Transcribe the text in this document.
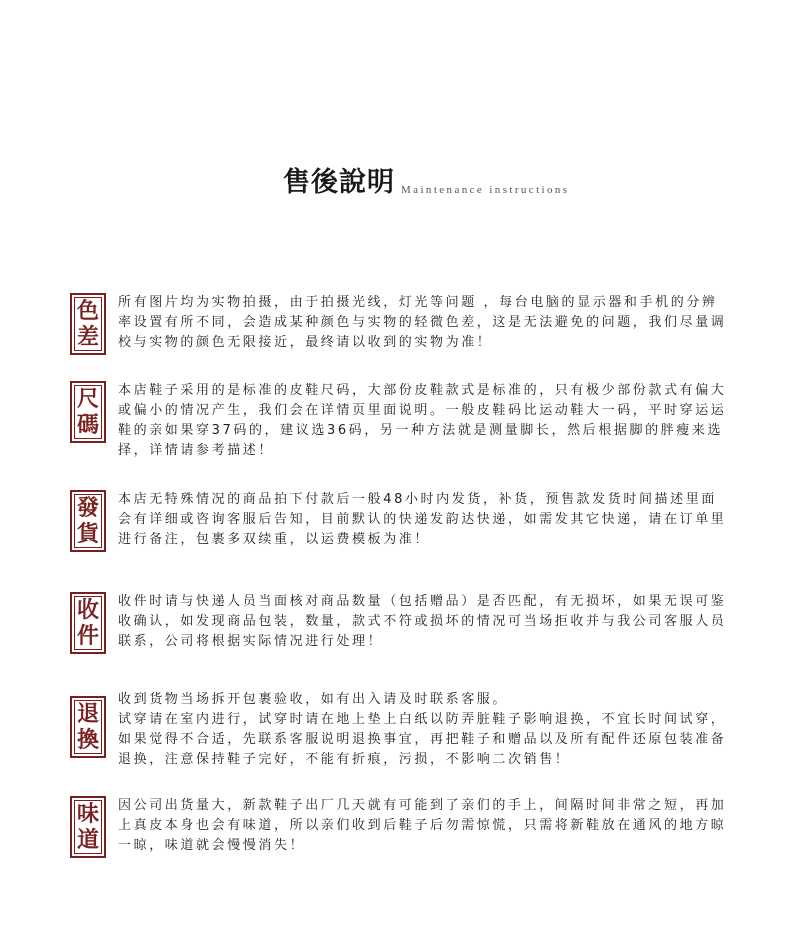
售後說明 Maintenance instructions
色
差

所有图片均为实物拍摄，由于拍摄光线，灯光等问题 ，每台电脑的显示器和手机的分辨率设置有所不同，会造成某种颜色与实物的轻微色差，这是无法避免的问题，我们尽量调校与实物的颜色无限接近，最终请以收到的实物为准！

尺
碼

本店鞋子采用的是标准的皮鞋尺码，大部份皮鞋款式是标准的，只有极少部份款式有偏大或偏小的情况产生，我们会在详情页里面说明。一般皮鞋码比运动鞋大一码，平时穿运运鞋的亲如果穿37码的，建议选36码，另一种方法就是测量脚长，然后根据脚的胖瘦来选择，详情请参考描述！

發
貨

本店无特殊情况的商品拍下付款后一般48小时内发货，补货，预售款发货时间描述里面会有详细或咨询客服后告知，目前默认的快递发韵达快递，如需发其它快递，请在订单里进行备注，包裹多双续重，以运费模板为准！

收
件

收件时请与快递人员当面核对商品数量（包括赠品）是否匹配，有无损坏，如果无误可鉴收确认，如发现商品包装，数量，款式不符或损坏的情况可当场拒收并与我公司客服人员联系，公司将根据实际情况进行处理！

退
換

收到货物当场拆开包裹验收，如有出入请及时联系客服。

试穿请在室内进行，试穿时请在地上垫上白纸以防弄脏鞋子影响退换，不宜长时间试穿，如果觉得不合适，先联系客服说明退换事宜，再把鞋子和赠品以及所有配件还原包装准备退换，注意保持鞋子完好，不能有折痕，污损，不影响二次销售！

味
道

因公司出货量大，新款鞋子出厂几天就有可能到了亲们的手上，间隔时间非常之短，再加上真皮本身也会有味道，所以亲们收到后鞋子后勿需惊慌，只需将新鞋放在通风的地方晾一晾，味道就会慢慢消失！
